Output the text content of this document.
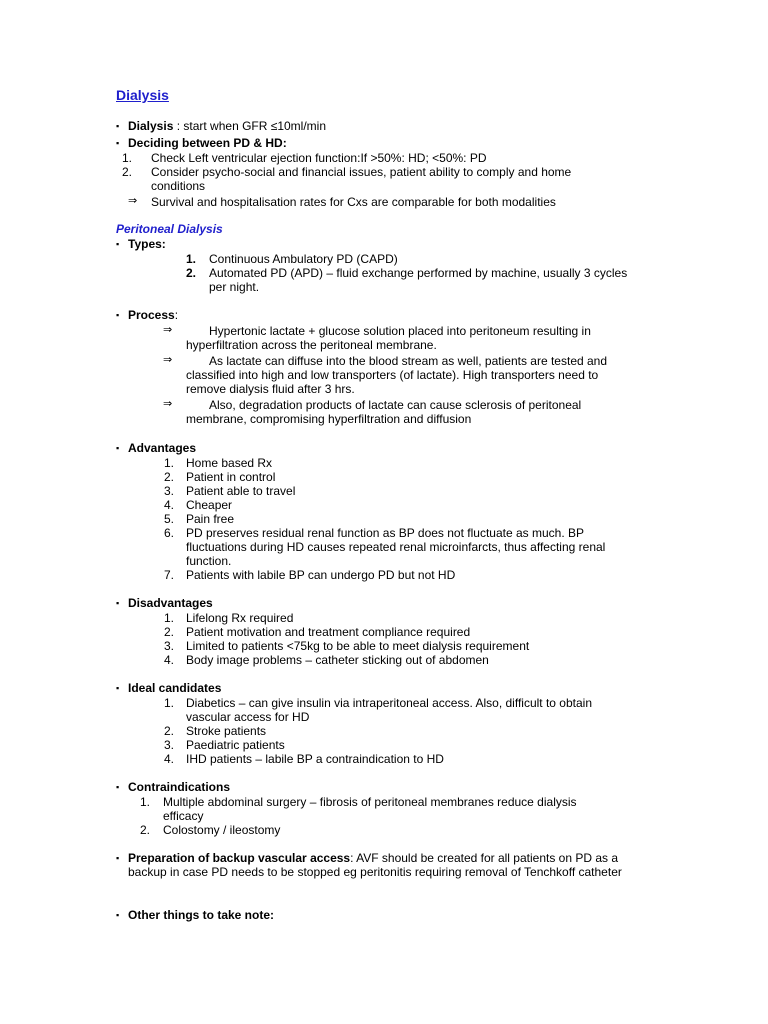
Dialysis
▪ Dialysis : start when GFR ≤10ml/min
▪ Deciding between PD & HD:
1. Check Left ventricular ejection function:If >50%: HD; <50%: PD
2. Consider psycho-social and financial issues, patient ability to comply and home conditions
⇒ Survival and hospitalisation rates for Cxs are comparable for both modalities
Peritoneal Dialysis
▪ Types:
1. Continuous Ambulatory PD (CAPD)
2. Automated PD (APD) – fluid exchange performed by machine, usually 3 cycles per night.
▪ Process:
⇒	Hypertonic lactate + glucose solution placed into peritoneum resulting in hyperfiltration across the peritoneal membrane.
⇒	As lactate can diffuse into the blood stream as well, patients are tested and classified into high and low transporters (of lactate). High transporters need to remove dialysis fluid after 3 hrs.
⇒	Also, degradation products of lactate can cause sclerosis of peritoneal membrane, compromising hyperfiltration and diffusion
▪ Advantages
1. Home based Rx
2. Patient in control
3. Patient able to travel
4. Cheaper
5. Pain free
6. PD preserves residual renal function as BP does not fluctuate as much. BP fluctuations during HD causes repeated renal microinfarcts, thus affecting renal function.
7. Patients with labile BP can undergo PD but not HD
▪ Disadvantages
1. Lifelong Rx required
2. Patient motivation and treatment compliance required
3. Limited to patients <75kg to be able to meet dialysis requirement
4. Body image problems – catheter sticking out of abdomen
▪ Ideal candidates
1. Diabetics – can give insulin via intraperitoneal access. Also, difficult to obtain vascular access for HD
2. Stroke patients
3. Paediatric patients
4. IHD patients – labile BP a contraindication to HD
▪ Contraindications
1. Multiple abdominal surgery – fibrosis of peritoneal membranes reduce dialysis efficacy
2. Colostomy / ileostomy
▪ Preparation of backup vascular access: AVF should be created for all patients on PD as a backup in case PD needs to be stopped eg peritonitis requiring removal of Tenchkoff catheter
▪ Other things to take note:
